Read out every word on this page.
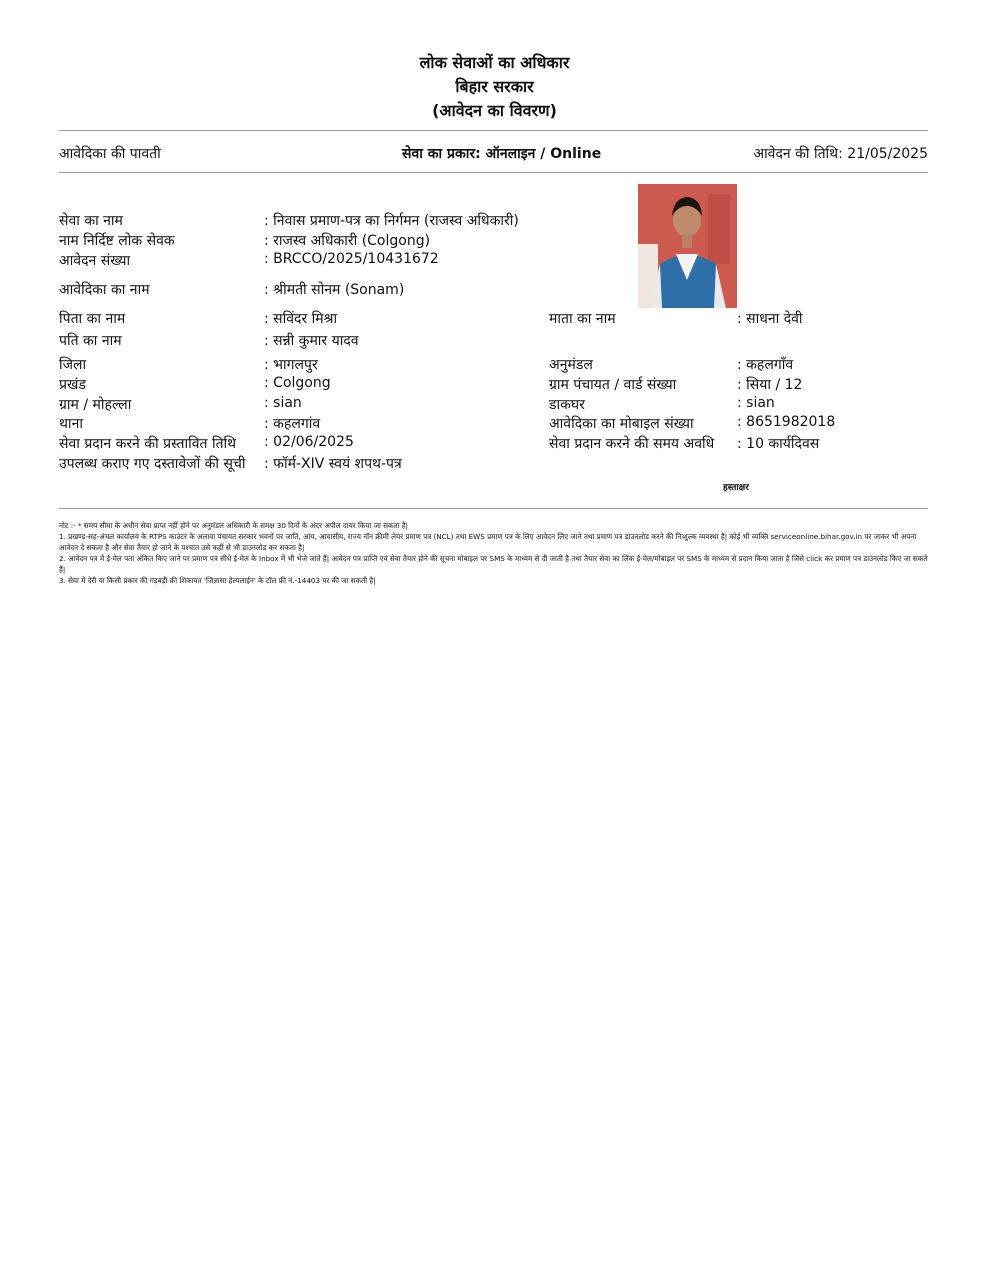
लोक सेवाओं का अधिकार
बिहार सरकार
(आवेदन का विवरण)
आवेदिका की पावती	सेवा का प्रकार: ऑनलाइन / Online	आवेदन की तिथि: 21/05/2025
सेवा का नाम	: निवास प्रमाण-पत्र का निर्गमन (राजस्व अधिकारी)
नाम निर्दिष्ट लोक सेवक	: राजस्व अधिकारी (Colgong)
आवेदन संख्या	: BRCCO/2025/10431672
आवेदिका का नाम	: श्रीमती सोनम (Sonam)
पिता का नाम	: सविंदर मिश्रा	माता का नाम	: साधना देवी
पति का नाम	: सन्नी कुमार यादव
जिला	: भागलपुर	अनुमंडल	: कहलगाँव
प्रखंड	: Colgong	ग्राम पंचायत / वार्ड संख्या	: सिया / 12
ग्राम / मोहल्ला	: sian	डाकघर	: sian
थाना	: कहलगांव	आवेदिका का मोबाइल संख्या	: 8651982018
सेवा प्रदान करने की प्रस्तावित तिथि : 02/06/2025	सेवा प्रदान करने की समय अवधि : 10 कार्यदिवस
उपलब्ध कराए गए दस्तावेजों की सूची : फॉर्म-XIV स्वयं शपथ-पत्र
हस्ताक्षर

नोट :- * समय सीमा के अधीन सेवा प्राप्त नहीं होने पर अनुमंडल अधिकारी के समक्ष 30 दिनों के अंदर अपील दायर किया जा सकता है|

1. प्रखण्ड-सह-अंचल कार्यालय के RTPS काउंटर के अलावा पंचायत सरकार भवनों पर जाति, आय, आवासीय, राज्य नॉन क्रीमी लेयर प्रमाण पत्र (NCL) तथा EWS प्रमाण पत्र के लिए आवेदन लिए जाने तथा प्रमाण पत्र डाउनलोड करने की निःशुल्क व्यवस्था है| कोई भी व्यक्ति serviceonline.bihar.gov.in पर जाकर भी अपना आवेदन दे सकता है और सेवा तैयार हो जाने के पश्चात उसे कहीं से भी डाउनलोड कर सकता है|

2. आवेदन पत्र में ई-मेल पता अंकित किए जाने पर प्रमाण पत्र सीधे ई-मेल के Inbox में भी भेजे जाते हैं| आवेदन पत्र प्राप्ति एवं सेवा तैयार होने की सूचना मोबाइल पर SMS के माध्यम से दी जाती है तथा तैयार सेवा का लिंक ई-मेल/मोबाइल पर SMS के माध्यम से प्रदान किया जाता है जिसे click कर प्रमाण पत्र डाउनलोड किए जा सकते हैं|

3. सेवा में देरी या किसी प्रकार की गड़बड़ी की शिकायत 'जिज्ञासा हेल्पलाईन' के टॉल फ्री नं.-14403 पर की जा सकती है|
